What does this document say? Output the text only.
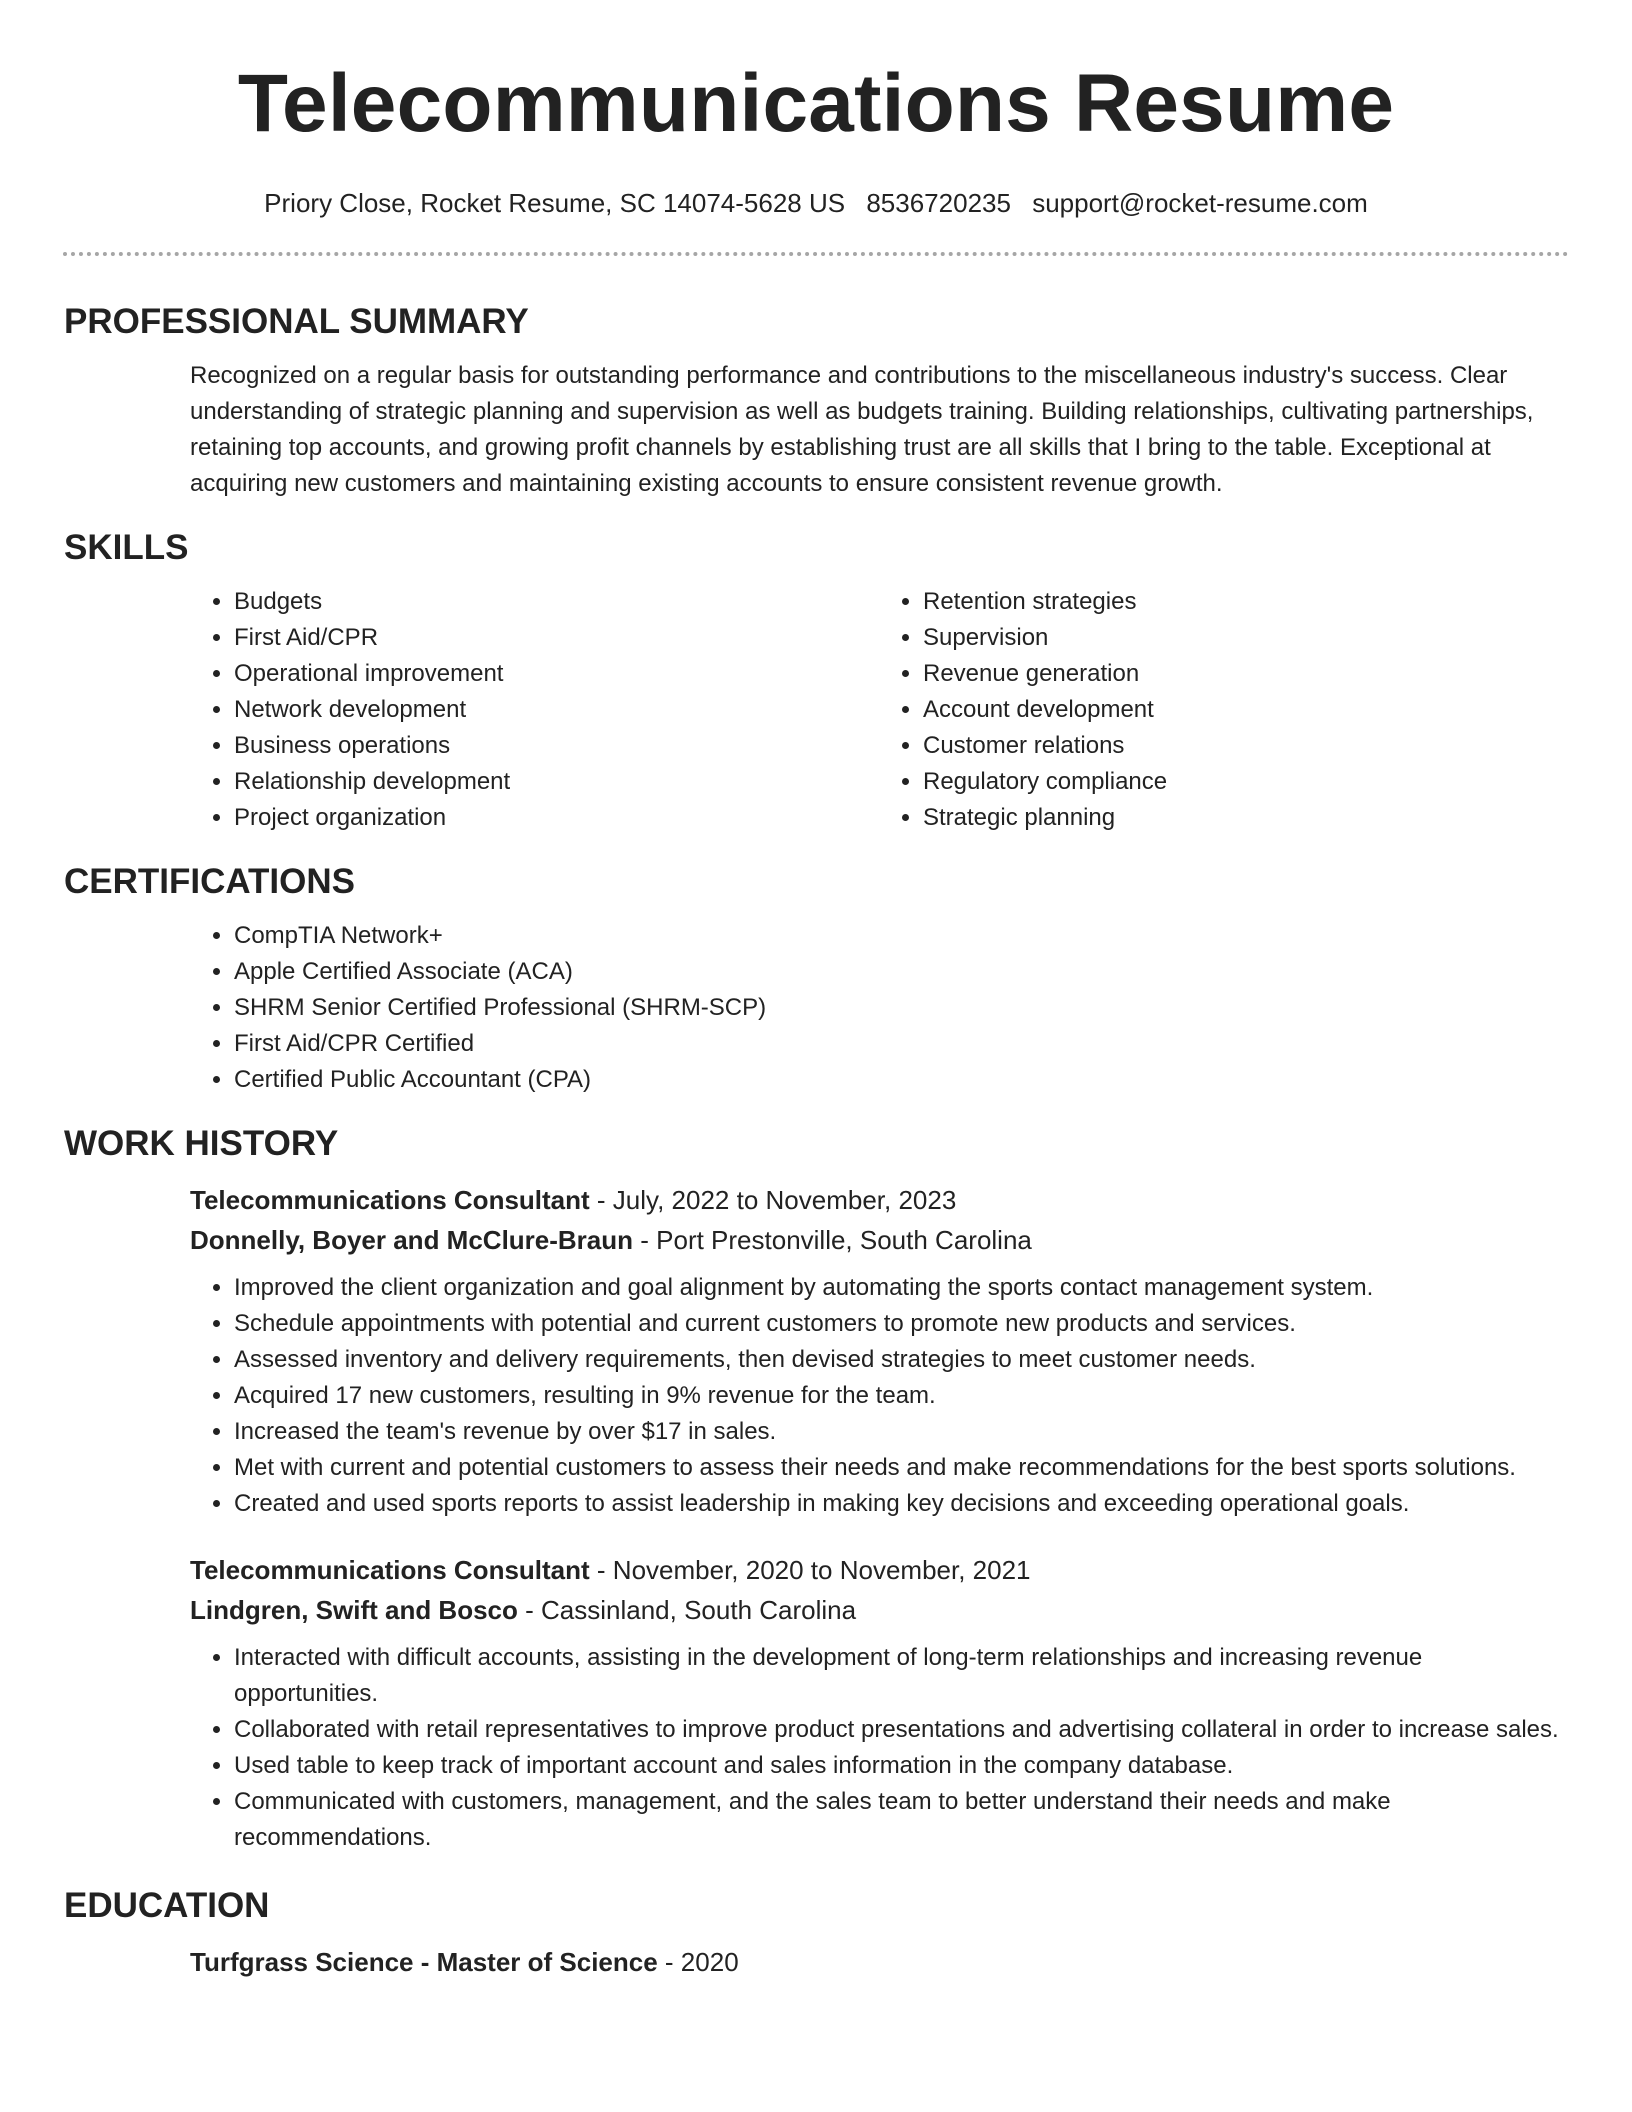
Telecommunications Resume
Priory Close, Rocket Resume, SC 14074-5628 US 8536720235 support@rocket-resume.com
PROFESSIONAL SUMMARY

Recognized on a regular basis for outstanding performance and contributions to the miscellaneous industry's success. Clear understanding of strategic planning and supervision as well as budgets training. Building relationships, cultivating partnerships, retaining top accounts, and growing profit channels by establishing trust are all skills that I bring to the table. Exceptional at acquiring new customers and maintaining existing accounts to ensure consistent revenue growth.

SKILLS
• Budgets
• First Aid/CPR
• Operational improvement
• Network development
• Business operations
• Relationship development
• Project organization
• Retention strategies
• Supervision
• Revenue generation
• Account development
• Customer relations
• Regulatory compliance
• Strategic planning
CERTIFICATIONS
• CompTIA Network+
• Apple Certified Associate (ACA)
• SHRM Senior Certified Professional (SHRM-SCP)
• First Aid/CPR Certified
• Certified Public Accountant (CPA)
WORK HISTORY
Telecommunications Consultant - July, 2022 to November, 2023
Donnelly, Boyer and McClure-Braun - Port Prestonville, South Carolina
• Improved the client organization and goal alignment by automating the sports contact management system.
• Schedule appointments with potential and current customers to promote new products and services.
• Assessed inventory and delivery requirements, then devised strategies to meet customer needs.
• Acquired 17 new customers, resulting in 9% revenue for the team.
• Increased the team's revenue by over $17 in sales.
• Met with current and potential customers to assess their needs and make recommendations for the best sports solutions.
• Created and used sports reports to assist leadership in making key decisions and exceeding operational goals.
Telecommunications Consultant - November, 2020 to November, 2021
Lindgren, Swift and Bosco - Cassinland, South Carolina
• Interacted with difficult accounts, assisting in the development of long-term relationships and increasing revenue opportunities.
• Collaborated with retail representatives to improve product presentations and advertising collateral in order to increase sales.
• Used table to keep track of important account and sales information in the company database.
• Communicated with customers, management, and the sales team to better understand their needs and make recommendations.
EDUCATION
Turfgrass Science - Master of Science - 2020
